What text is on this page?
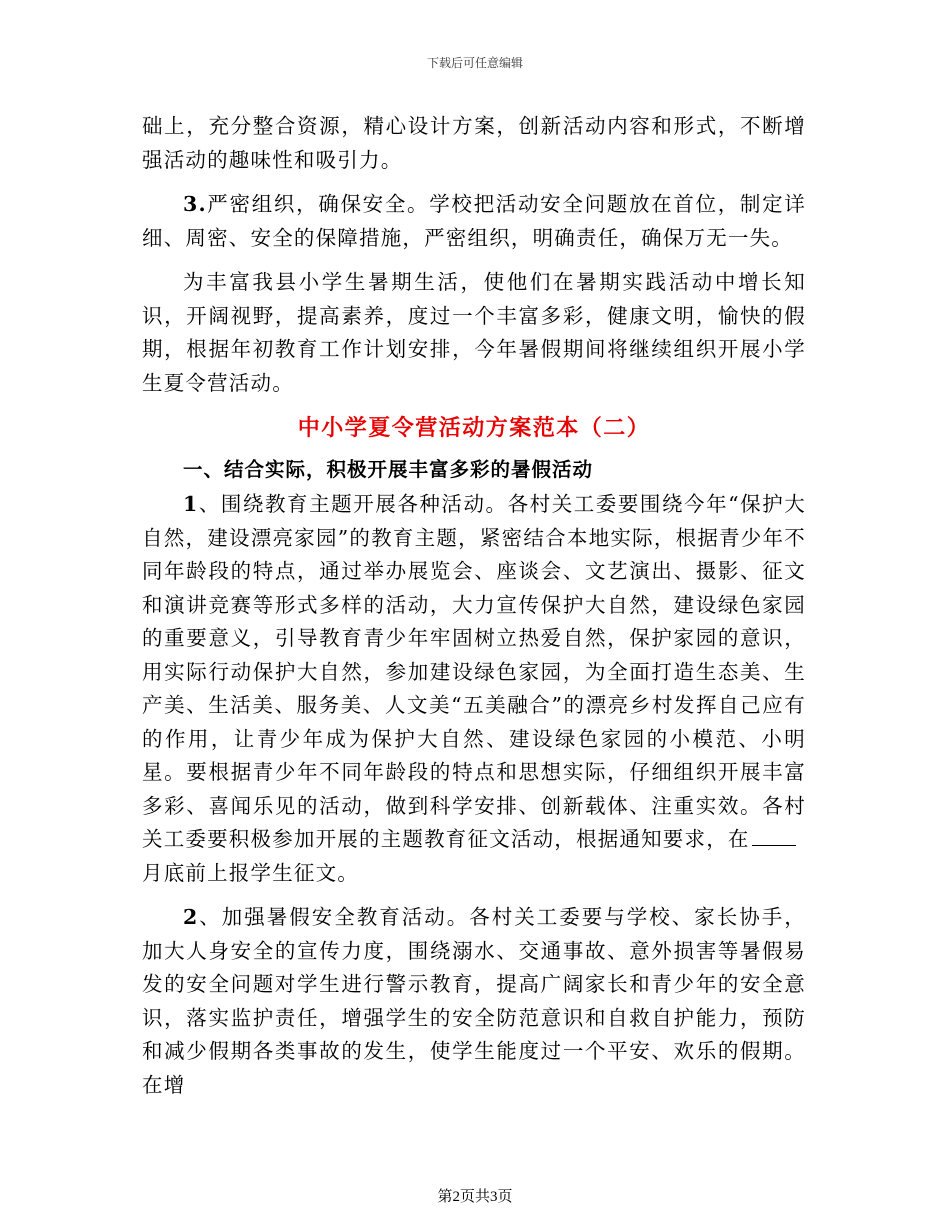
下载后可任意编辑

础上，充分整合资源，精心设计方案，创新活动内容和形式，不断增强活动的趣味性和吸引力。

3.严密组织，确保安全。学校把活动安全问题放在首位，制定详细、周密、安全的保障措施，严密组织，明确责任，确保万无一失。

为丰富我县小学生暑期生活，使他们在暑期实践活动中增长知识，开阔视野，提高素养，度过一个丰富多彩，健康文明，愉快的假期，根据年初教育工作计划安排，今年暑假期间将继续组织开展小学生夏令营活动。

中小学夏令营活动方案范本（二）
一、结合实际，积极开展丰富多彩的暑假活动

1、围绕教育主题开展各种活动。各村关工委要围绕今年“保护大自然，建设漂亮家园”的教育主题，紧密结合本地实际，根据青少年不同年龄段的特点，通过举办展览会、座谈会、文艺演出、摄影、征文和演讲竞赛等形式多样的活动，大力宣传保护大自然，建设绿色家园的重要意义，引导教育青少年牢固树立热爱自然，保护家园的意识，用实际行动保护大自然，参加建设绿色家园，为全面打造生态美、生产美、生活美、服务美、人文美“五美融合”的漂亮乡村发挥自己应有的作用，让青少年成为保护大自然、建设绿色家园的小模范、小明星。要根据青少年不同年龄段的特点和思想实际，仔细组织开展丰富多彩、喜闻乐见的活动，做到科学安排、创新载体、注重实效。各村关工委要积极参加开展的主题教育征文活动，根据通知要求，在
月底前上报学生征文。

2、加强暑假安全教育活动。各村关工委要与学校、家长协手，加大人身安全的宣传力度，围绕溺水、交通事故、意外损害等暑假易发的安全问题对学生进行警示教育，提高广阔家长和青少年的安全意识，落实监护责任，增强学生的安全防范意识和自救自护能力，预防和减少假期各类事故的发生，使学生能度过一个平安、欢乐的假期。在增

第2页共3页
